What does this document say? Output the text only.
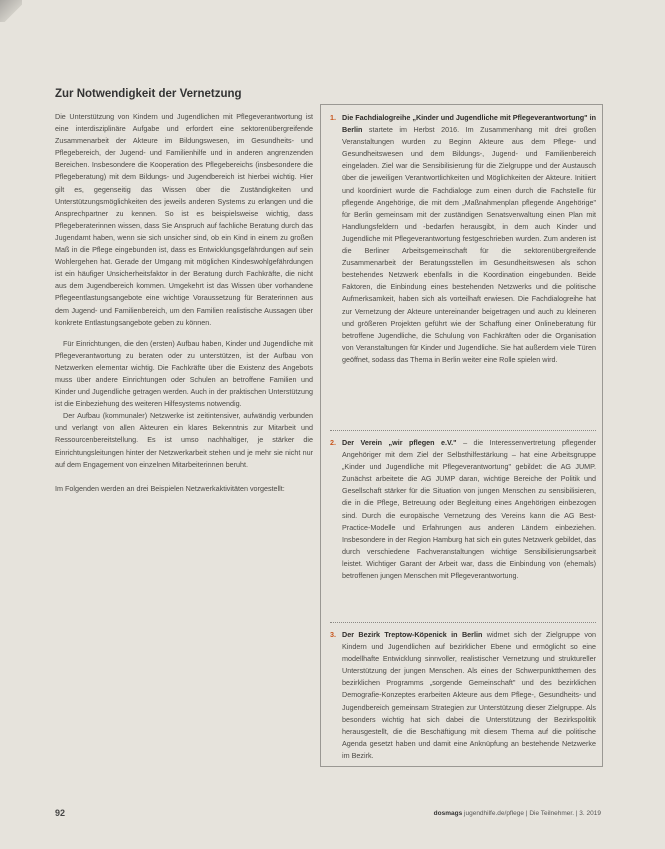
Zur Notwendigkeit der Vernetzung

Die Unterstützung von Kindern und Jugendlichen mit Pflegeverantwortung ist eine interdisziplinäre Aufgabe und erfordert eine sektorenübergreifende Zusammenarbeit der Akteure im Bildungswesen, im Gesundheits- und Pflegebereich, der Jugend- und Familienhilfe und in anderen angrenzenden Bereichen. Insbesondere die Kooperation des Pflegebereichs (insbesondere die Pflegeberatung) mit dem Bildungs- und Jugendbereich ist hierbei wichtig. Hier gilt es, gegenseitig das Wissen über die Zuständigkeiten und Unterstützungsmöglichkeiten des jeweils anderen Systems zu erlangen und die Ansprechpartner zu kennen. So ist es beispielsweise wichtig, dass Pflegeberaterinnen wissen, dass Sie Anspruch auf fachliche Beratung durch das Jugendamt haben, wenn sie sich unsicher sind, ob ein Kind in einem zu großen Maß in die Pflege eingebunden ist, dass es Entwicklungsgefährdungen auf sein Wohlergehen hat. Gerade der Umgang mit möglichen Kindeswohlgefährdungen ist ein häufiger Unsicherheitsfaktor in der Beratung durch Fachkräfte, die nicht aus dem Jugendbereich kommen. Umgekehrt ist das Wissen über vorhandene Pflegeentlastungsangebote eine wichtige Voraussetzung für Beraterinnen aus dem Jugend- und Familienbereich, um den Familien realistische Aussagen über konkrete Entlastungsangebote geben zu können.

Für Einrichtungen, die den (ersten) Aufbau haben, Kinder und Jugendliche mit Pflegeverantwortung zu beraten oder zu unterstützen, ist der Aufbau von Netzwerken elementar wichtig. Die Fachkräfte über die Existenz des Angebots muss über andere Einrichtungen oder Schulen an betroffene Familien und Kinder und Jugendliche getragen werden. Auch in der praktischen Unterstützung ist die Einbeziehung des weiteren Hilfesystems notwendig.

Der Aufbau (kommunaler) Netzwerke ist zeitintensiver, aufwändig verbunden und verlangt von allen Akteuren ein klares Bekenntnis zur Mitarbeit und Ressourcenbereitstellung. Es ist umso nachhaltiger, je stärker die Einrichtungsleitungen hinter der Netzwerkarbeit stehen und je mehr sie nicht nur auf dem Engagement von einzelnen Mitarbeiterinnen beruht.

Im Folgenden werden an drei Beispielen Netzwerkaktivitäten vorgestellt:

1. Die Fachdialogreihe „Kinder und Jugendliche mit Pflegeverantwortung" in Berlin startete im Herbst 2016. Im Zusammenhang mit drei großen Veranstaltungen wurden zu Beginn Akteure aus dem Pflege- und Gesundheitswesen und dem Bildungs-, Jugend- und Familienbereich eingeladen. Ziel war die Sensibilisierung für die Zielgruppe und der Austausch über die jeweiligen Verantwortlichkeiten und Möglichkeiten der Akteure. Initiiert und koordiniert wurde die Fachdialoge zum einen durch die Fachstelle für pflegende Angehörige, die mit dem „Maßnahmenplan pflegende Angehörige" für Berlin gemeinsam mit der zuständigen Senatsverwaltung einen Plan mit Handlungsfeldern und -bedarfen herausgibt, in dem auch Kinder und Jugendliche mit Pflegeverantwortung festgeschrieben wurden. Zum anderen ist die Berliner Arbeitsgemeinschaft für die sektorenübergreifende Zusammenarbeit der Beratungsstellen im Gesundheitswesen als schon bestehendes Netzwerk ebenfalls in die Koordination eingebunden. Beide Faktoren, die Einbindung eines bestehenden Netzwerks und die politische Aufmerksamkeit, haben sich als vorteilhaft erwiesen. Die Fachdialogreihe hat zur Vernetzung der Akteure untereinander beigetragen und auch zu kleineren und größeren Projekten geführt wie der Schaffung einer Onlineberatung für betroffene Jugendliche, die Schulung von Fachkräften oder die Organisation von Veranstaltungen für Kinder und Jugendliche. Sie hat außerdem viele Türen geöffnet, sodass das Thema in Berlin weiter eine Rolle spielen wird.
2. Der Verein „wir pflegen e.V." – die Interessenvertretung pflegender Angehöriger mit dem Ziel der Selbsthilfestärkung – hat eine Arbeitsgruppe „Kinder und Jugendliche mit Pflegeverantwortung" gebildet: die AG JUMP. Zunächst arbeitete die AG JUMP daran, wichtige Bereiche der Politik und Gesellschaft stärker für die Situation von jungen Menschen zu sensibilisieren, die in die Pflege, Betreuung oder Begleitung eines Angehörigen einbezogen sind. Durch die europäische Vernetzung des Vereins kann die AG Best-Practice-Modelle und Erfahrungen aus anderen Ländern einbeziehen. Insbesondere in der Region Hamburg hat sich ein gutes Netzwerk gebildet, das durch verschiedene Fachveranstaltungen wichtige Sensibilisierungsarbeit leistet. Wichtiger Garant der Arbeit war, dass die Einbindung von (ehemals) betroffenen jungen Menschen mit Pflegeverantwortung.
3. Der Bezirk Treptow-Köpenick in Berlin widmet sich der Zielgruppe von Kindern und Jugendlichen auf bezirklicher Ebene und ermöglicht so eine modellhafte Entwicklung sinnvoller, realistischer Vernetzung und struktureller Unterstützung der jungen Menschen. Als eines der Schwerpunktthemen des bezirklichen Programms „sorgende Gemeinschaft" und des bezirklichen Demografie-Konzeptes erarbeiten Akteure aus dem Pflege-, Gesundheits- und Jugendbereich gemeinsam Strategien zur Unterstützung dieser Zielgruppe. Als besonders wichtig hat sich dabei die Unterstützung der Bezirkspolitik herausgestellt, die die Beschäftigung mit diesem Thema auf die politische Agenda gesetzt haben und damit eine Anknüpfung an bestehende Netzwerke im Bezirk.
92	dosmags jugendhilfe.de/pflege | Die Teilnehmer. | 3. 2019
